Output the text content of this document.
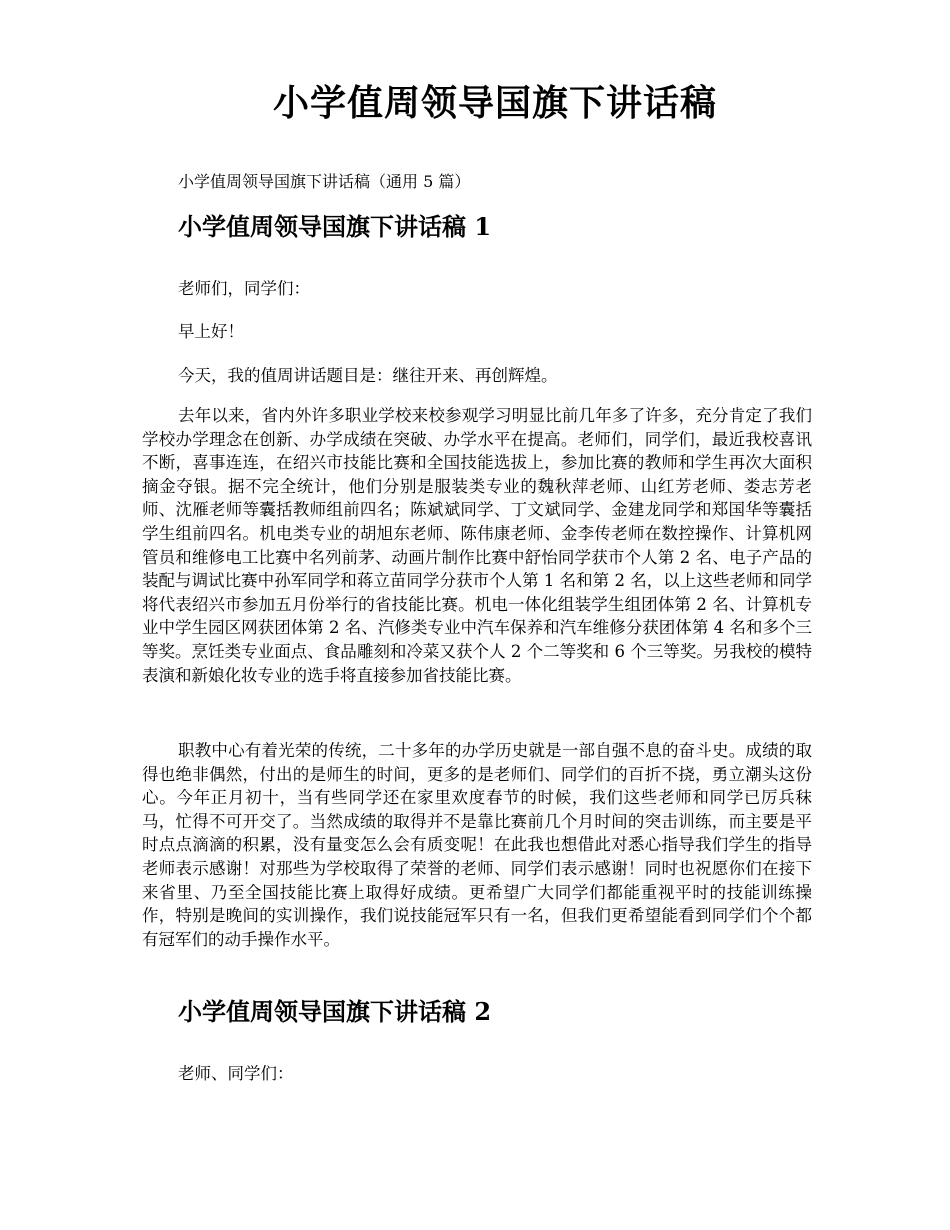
小学值周领导国旗下讲话稿
小学值周领导国旗下讲话稿（通用 5 篇）
小学值周领导国旗下讲话稿 1

老师们，同学们：

早上好！

今天，我的值周讲话题目是：继往开来、再创辉煌。

去年以来，省内外许多职业学校来校参观学习明显比前几年多了许多，充分肯定了我们学校办学理念在创新、办学成绩在突破、办学水平在提高。老师们，同学们，最近我校喜讯不断，喜事连连，在绍兴市技能比赛和全国技能选拔上，参加比赛的教师和学生再次大面积摘金夺银。据不完全统计，他们分别是服装类专业的魏秋萍老师、山红芳老师、娄志芳老师、沈雁老师等囊括教师组前四名；陈斌斌同学、丁文斌同学、金建龙同学和郑国华等囊括学生组前四名。机电类专业的胡旭东老师、陈伟康老师、金李传老师在数控操作、计算机网管员和维修电工比赛中名列前茅、动画片制作比赛中舒怡同学获市个人第 2 名、电子产品的装配与调试比赛中孙军同学和蒋立苗同学分获市个人第 1 名和第 2 名，以上这些老师和同学将代表绍兴市参加五月份举行的省技能比赛。机电一体化组装学生组团体第 2 名、计算机专业中学生园区网获团体第 2 名、汽修类专业中汽车保养和汽车维修分获团体第 4 名和多个三等奖。烹饪类专业面点、食品雕刻和冷菜又获个人 2 个二等奖和 6 个三等奖。另我校的模特表演和新娘化妆专业的选手将直接参加省技能比赛。

职教中心有着光荣的传统，二十多年的办学历史就是一部自强不息的奋斗史。成绩的取得也绝非偶然，付出的是师生的时间，更多的是老师们、同学们的百折不挠，勇立潮头这份心。今年正月初十，当有些同学还在家里欢度春节的时候，我们这些老师和同学已厉兵秣马，忙得不可开交了。当然成绩的取得并不是靠比赛前几个月时间的突击训练，而主要是平时点点滴滴的积累，没有量变怎么会有质变呢！在此我也想借此对悉心指导我们学生的指导老师表示感谢！对那些为学校取得了荣誉的老师、同学们表示感谢！同时也祝愿你们在接下来省里、乃至全国技能比赛上取得好成绩。更希望广大同学们都能重视平时的技能训练操作，特别是晚间的实训操作，我们说技能冠军只有一名，但我们更希望能看到同学们个个都有冠军们的动手操作水平。

小学值周领导国旗下讲话稿 2

老师、同学们：
